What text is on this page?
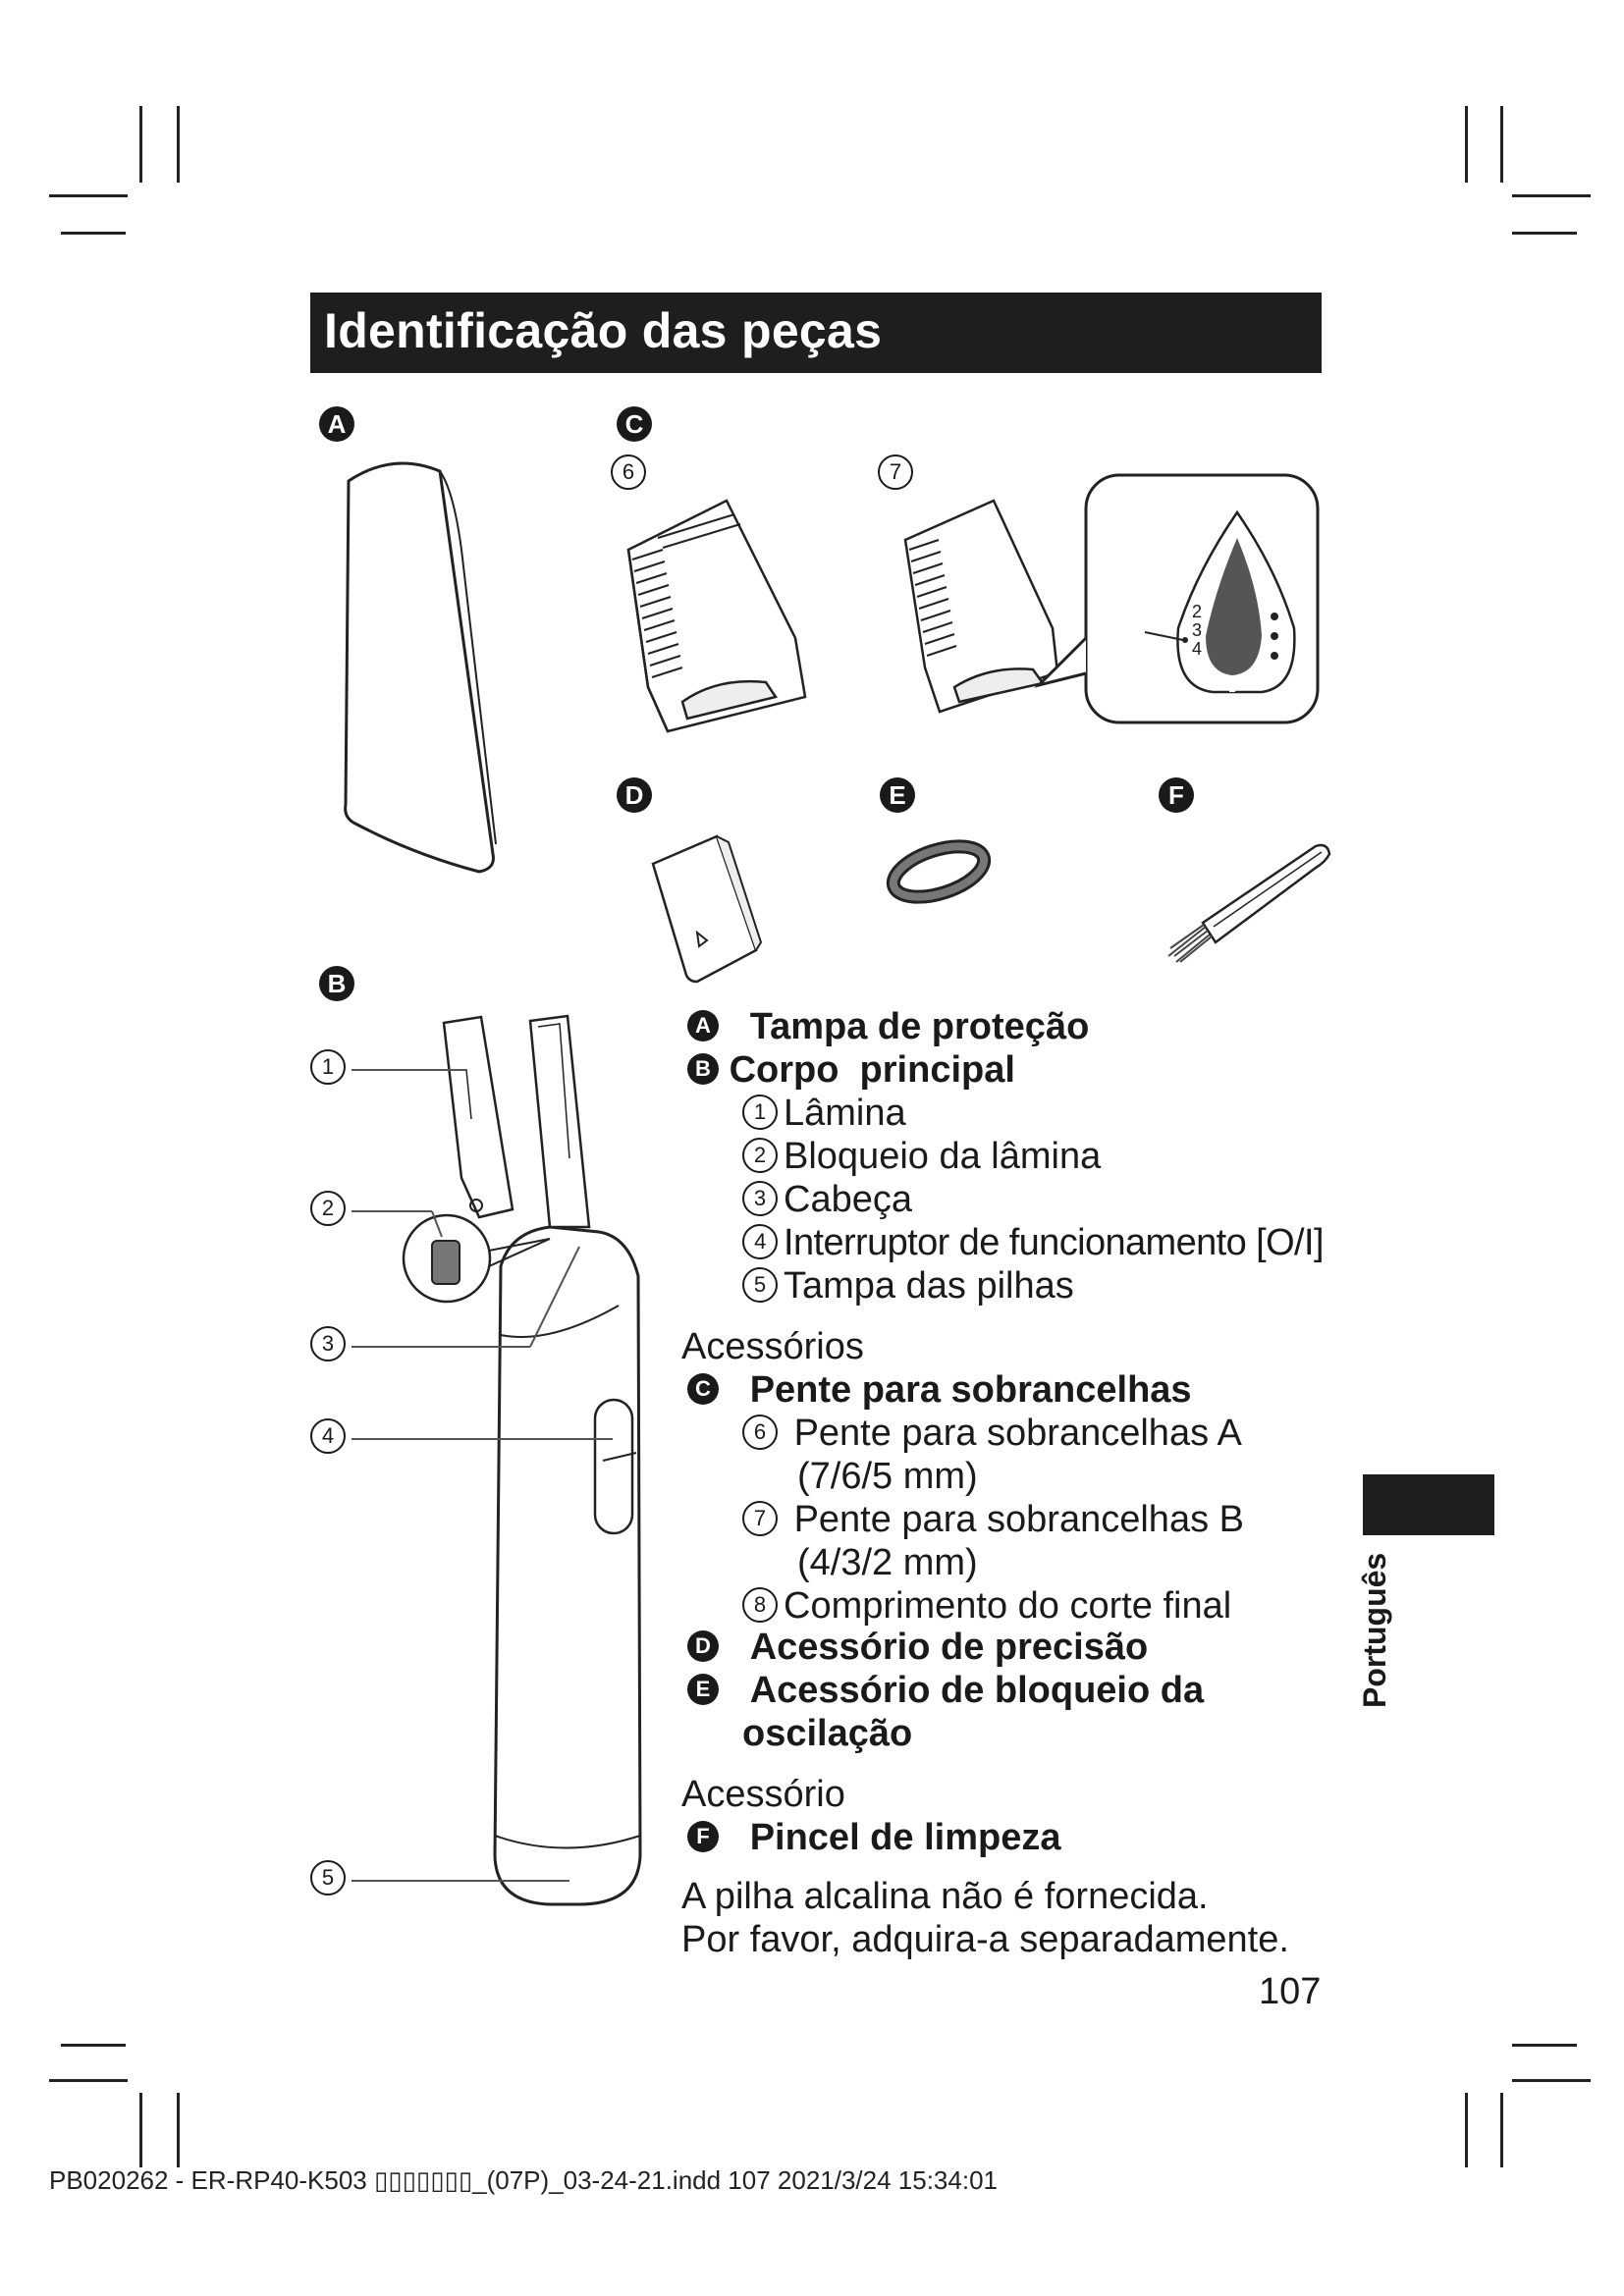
Identificação das peças
A	C
D	E	F
B
6	7
1
2
3
4
5
2
3
4
A Tampa de proteção
B Corpo  principal
1 Lâmina
2 Bloqueio da lâmina
3 Cabeça
4 Interruptor de funcionamento [O/I]
5 Tampa das pilhas
Acessórios
C Pente para sobrancelhas
6 Pente para sobrancelhas A
(7/6/5 mm)
7 Pente para sobrancelhas B
(4/3/2 mm)
8 Comprimento do corte final
D Acessório de precisão
E Acessório de bloqueio da
oscilação
Acessório
F Pincel de limpeza
A pilha alcalina não é fornecida.
Por favor, adquira-a separadamente.
Português
107
PB020262 - ER-RP40-K503 ▯▯▯▯▯▯▯_(07P)_03-24-21.indd 107 2021/3/24 15:34:01
